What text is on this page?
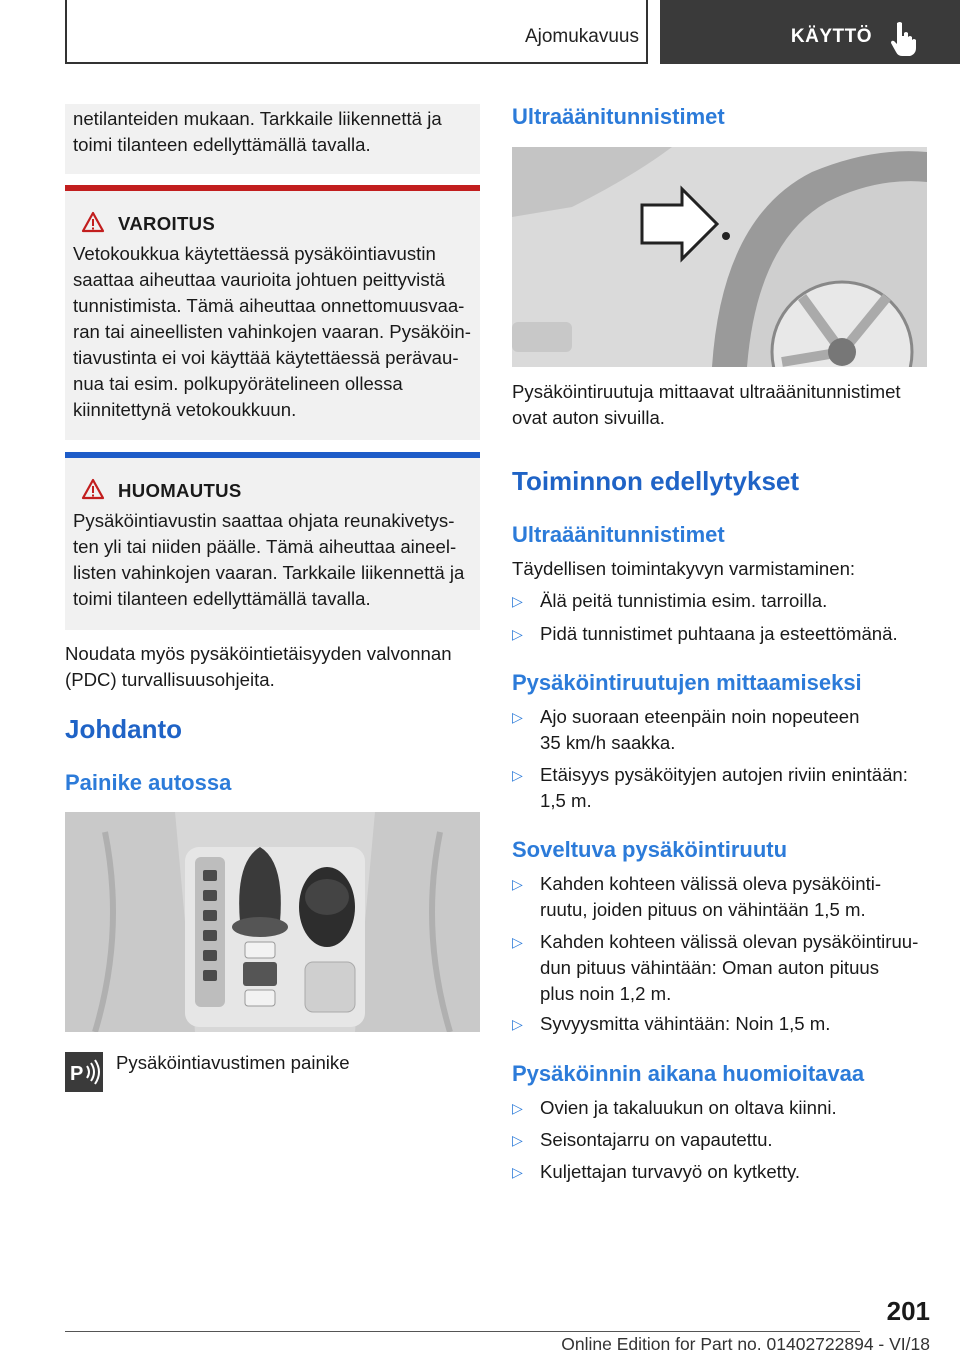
Ajomukavuus	KÄYTTÖ
netilanteiden mukaan. Tarkkaile liikennettä ja
toimi tilanteen edellyttämällä tavalla.
VAROITUS
Vetokoukkua käytettäessä pysäköintiavustin
saattaa aiheuttaa vaurioita johtuen peittyvistä
tunnistimista. Tämä aiheuttaa onnettomuusvaa-
ran tai aineellisten vahinkojen vaaran. Pysäköin-
tiavustinta ei voi käyttää käytettäessä perävau-
nua tai esim. polkupyörätelineen ollessa
kiinnitettynä vetokoukkuun.
HUOMAUTUS
Pysäköintiavustin saattaa ohjata reunakivetys-
ten yli tai niiden päälle. Tämä aiheuttaa aineel-
listen vahinkojen vaaran. Tarkkaile liikennettä ja
toimi tilanteen edellyttämällä tavalla.
Noudata myös pysäköintietäisyyden valvonnan
(PDC) turvallisuusohjeita.
Johdanto
Painike autossa
P
Pysäköintiavustimen painike
Ultraäänitunnistimet
Pysäköintiruutuja mittaavat ultraäänitunnistimet
ovat auton sivuilla.
Toiminnon edellytykset
Ultraäänitunnistimet
Täydellisen toimintakyvyn varmistaminen:
▷ Älä peitä tunnistimia esim. tarroilla.
▷ Pidä tunnistimet puhtaana ja esteettömänä.
Pysäköintiruutujen mittaamiseksi
▷ Ajo suoraan eteenpäin noin nopeuteen
35 km/h saakka.
▷ Etäisyys pysäköityjen autojen riviin enintään:
1,5 m.
Soveltuva pysäköintiruutu
▷ Kahden kohteen välissä oleva pysäköinti-
ruutu, joiden pituus on vähintään 1,5 m.
▷ Kahden kohteen välissä olevan pysäköintiruu-
dun pituus vähintään: Oman auton pituus
plus noin 1,2 m.
▷ Syvyysmitta vähintään: Noin 1,5 m.
Pysäköinnin aikana huomioitavaa
▷ Ovien ja takaluukun on oltava kiinni.
▷ Seisontajarru on vapautettu.
▷ Kuljettajan turvavyö on kytketty.
201
Online Edition for Part no. 01402722894 - VI/18
